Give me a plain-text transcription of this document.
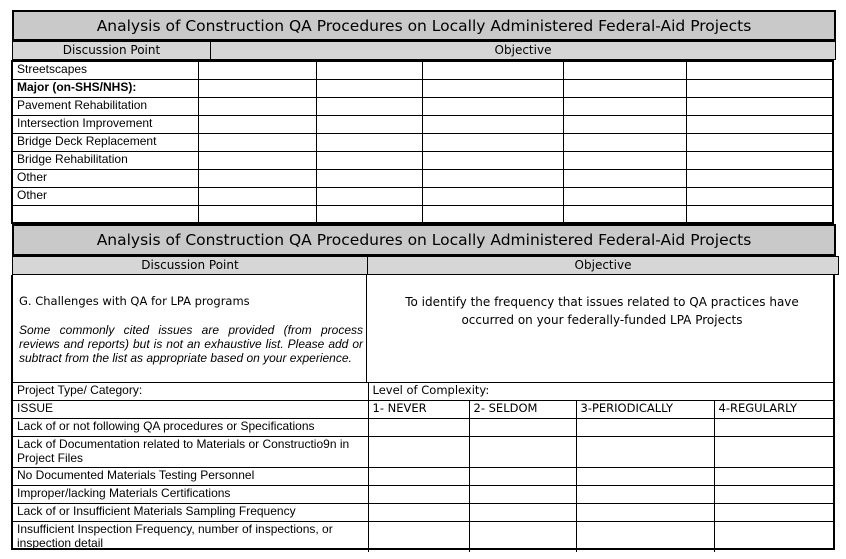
Analysis of Construction QA Procedures on Locally Administered Federal-Aid Projects
Discussion Point	Objective
Streetscapes					
Major (on-SHS/NHS):					
Pavement Rehabilitation					
Intersection Improvement					
Bridge Deck Replacement					
Bridge Rehabilitation					
Other					
Other					

Analysis of Construction QA Procedures on Locally Administered Federal-Aid Projects
Discussion Point	Objective
G. Challenges with QA for LPA programs
Some commonly cited issues are provided (from process reviews and reports) but is not an exhaustive list. Please add or subtract from the list as appropriate based on your experience.
To identify the frequency that issues related to QA practices have occurred on your federally-funded LPA Projects
Project Type/ Category:	Level of Complexity:			
ISSUE	1- NEVER	2- SELDOM	3-PERIODICALLY	4-REGULARLY
Lack of or not following QA procedures or Specifications				
Lack of Documentation related to Materials or Constructio9n in Project Files				
No Documented Materials Testing Personnel				
Improper/lacking Materials Certifications				
Lack of or Insufficient Materials Sampling Frequency				
Insufficient Inspection Frequency, number of inspections, or inspection detail				
